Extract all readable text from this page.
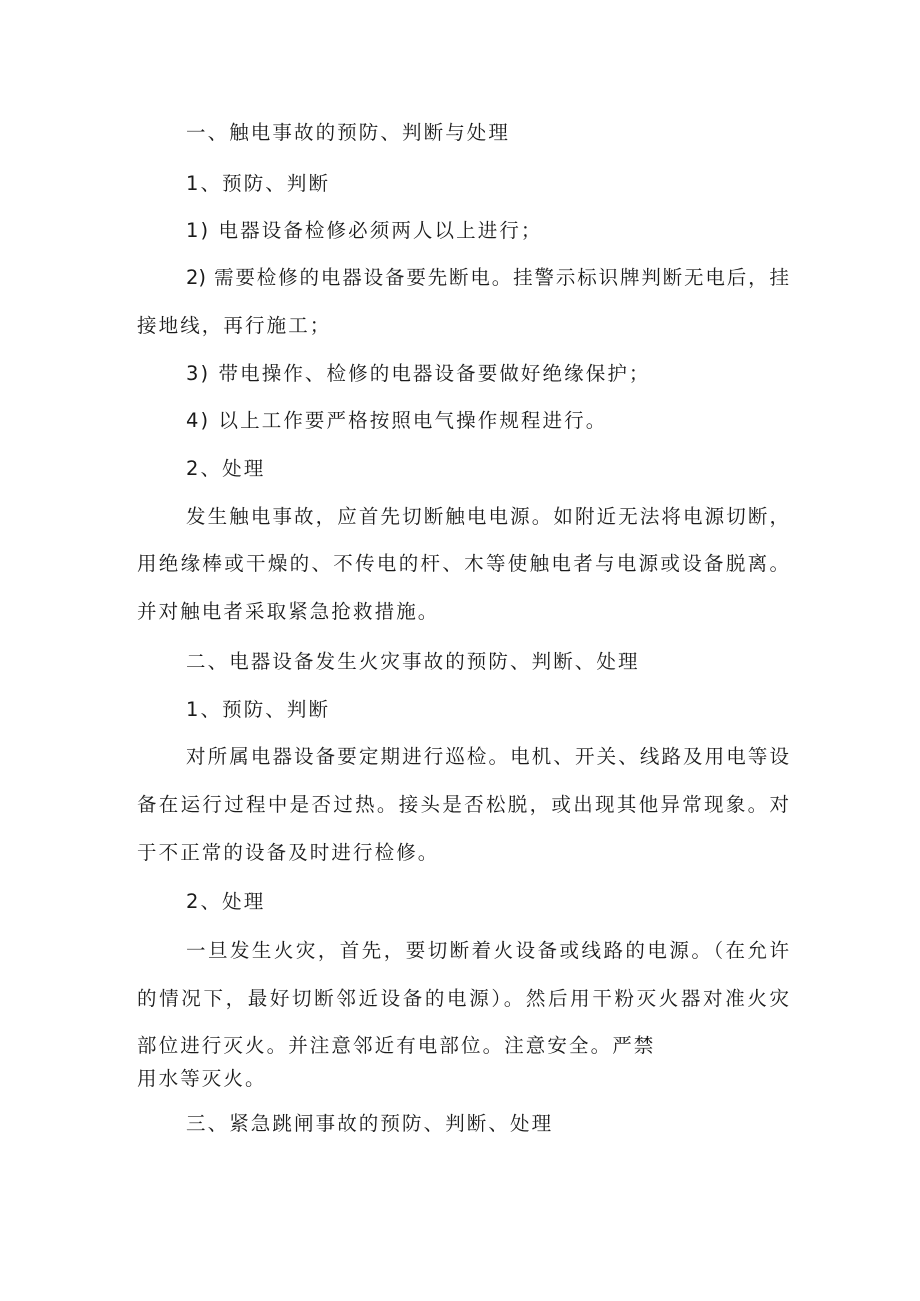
一、触电事故的预防、判断与处理
1、预防、判断
1) 电器设备检修必须两人以上进行；
2) 需要检修的电器设备要先断电。挂警示标识牌判断无电后，挂
接地线，再行施工；
3) 带电操作、检修的电器设备要做好绝缘保护；
4) 以上工作要严格按照电气操作规程进行。
2、处理
发生触电事故，应首先切断触电电源。如附近无法将电源切断，
用绝缘棒或干燥的、不传电的杆、木等使触电者与电源或设备脱离。
并对触电者采取紧急抢救措施。
二、电器设备发生火灾事故的预防、判断、处理
1、预防、判断
对所属电器设备要定期进行巡检。电机、开关、线路及用电等设
备在运行过程中是否过热。接头是否松脱，或出现其他异常现象。对
于不正常的设备及时进行检修。
2、处理
一旦发生火灾，首先，要切断着火设备或线路的电源。（在允许
的情况下，最好切断邻近设备的电源）。然后用干粉灭火器对准火灾
部位进行灭火。并注意邻近有电部位。注意安全。严禁
用水等灭火。
三、紧急跳闸事故的预防、判断、处理
